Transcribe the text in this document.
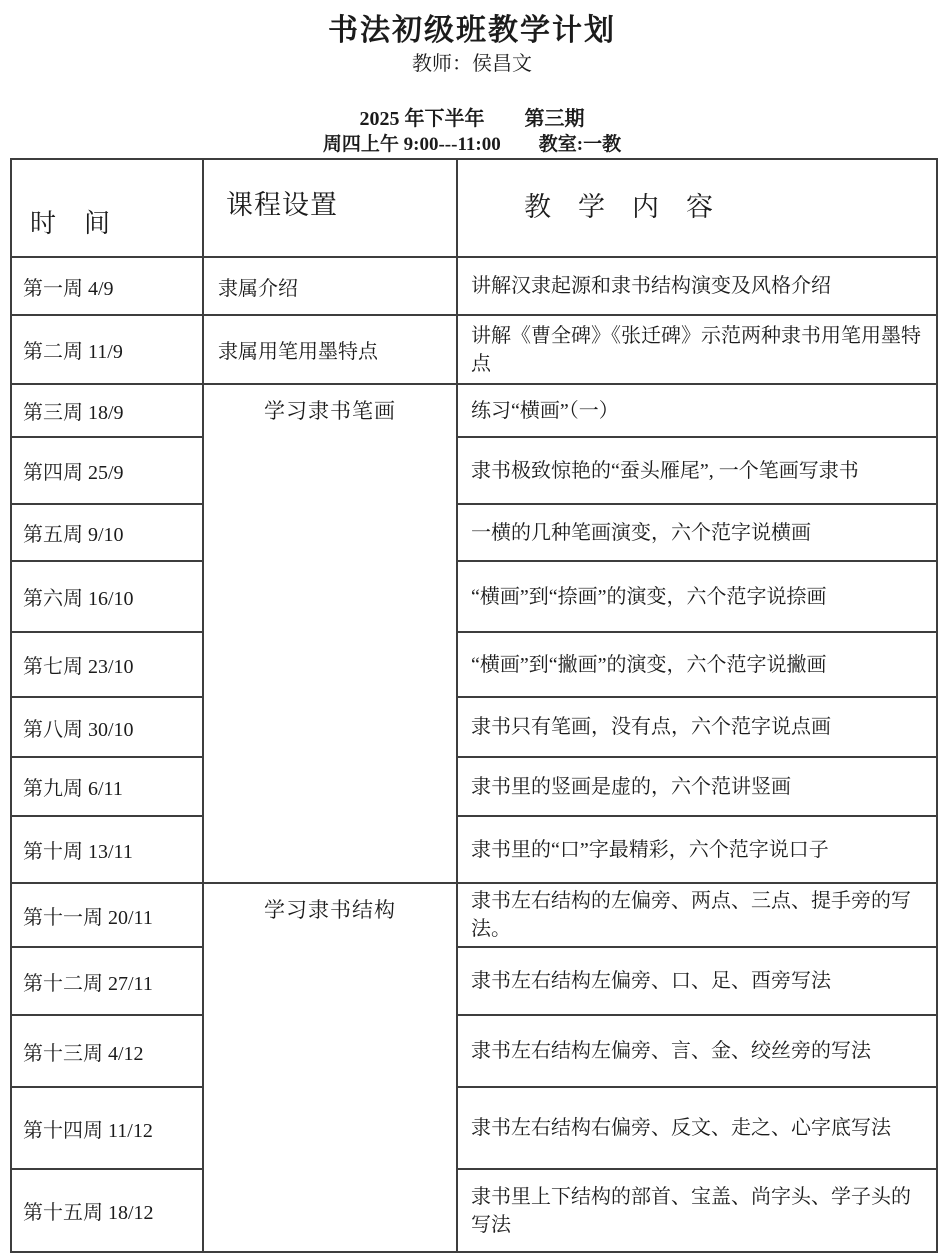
书法初级班教学计划
教师：侯昌文
2025 年下半年　　第三期
周四上午 9:00---11:00　　教室:一教
时　间	课程设置	教　学　内　容
第一周 4/9	隶属介绍	讲解汉隶起源和隶书结构演变及风格介绍
第二周 11/9	隶属用笔用墨特点	讲解《曹全碑》《张迁碑》示范两种隶书用笔用墨特点
第三周 18/9	学习隶书笔画	练习“横画”（一）
第四周 25/9		隶书极致惊艳的“蚕头雁尾”, 一个笔画写隶书
第五周 9/10		一横的几种笔画演变，六个范字说横画
第六周 16/10		“横画”到“捺画”的演变，六个范字说捺画
第七周 23/10		“横画”到“撇画”的演变，六个范字说撇画
第八周 30/10		隶书只有笔画，没有点，六个范字说点画
第九周 6/11		隶书里的竖画是虚的，六个范讲竖画
第十周 13/11		隶书里的“口”字最精彩，六个范字说口子
第十一周 20/11	学习隶书结构	隶书左右结构的左偏旁、两点、三点、提手旁的写法。
第十二周 27/11		隶书左右结构左偏旁、口、足、酉旁写法
第十三周 4/12		隶书左右结构左偏旁、言、金、绞丝旁的写法
第十四周 11/12		隶书左右结构右偏旁、反文、走之、心字底写法
第十五周 18/12		隶书里上下结构的部首、宝盖、尚字头、学子头的写法
